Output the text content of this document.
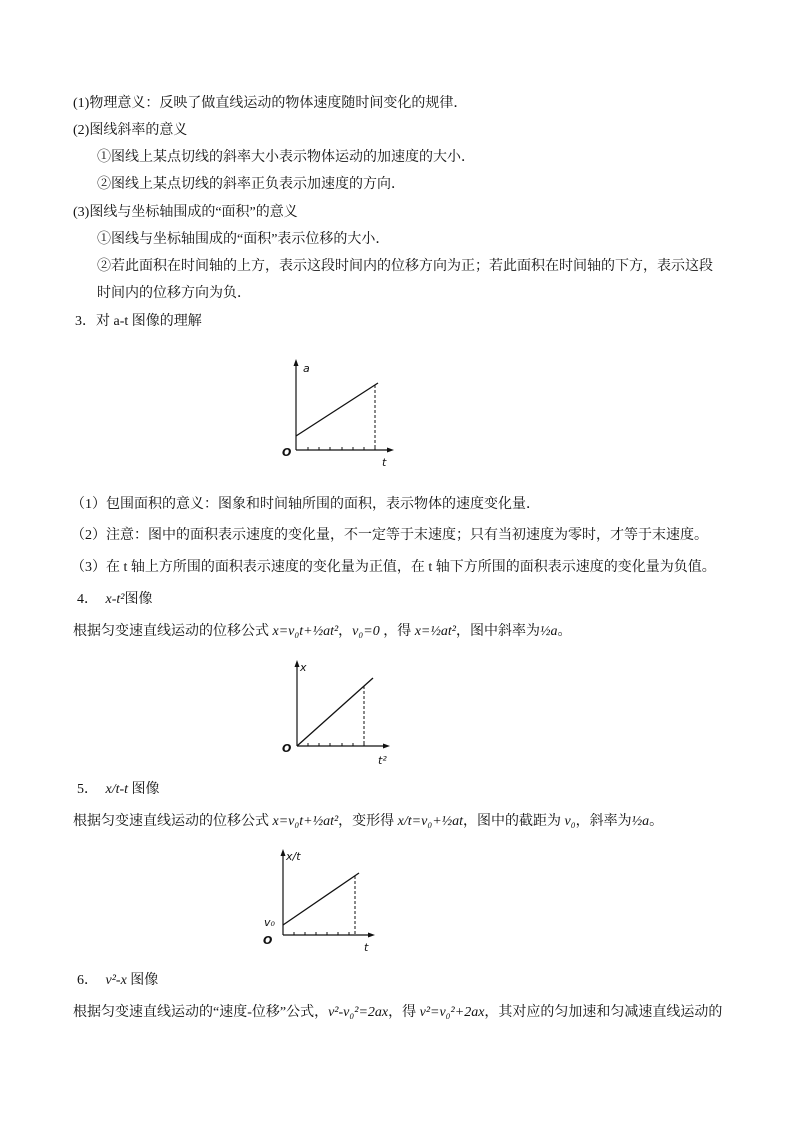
(1)物理意义：反映了做直线运动的物体速度随时间变化的规律．
(2)图线斜率的意义
①图线上某点切线的斜率大小表示物体运动的加速度的大小．
②图线上某点切线的斜率正负表示加速度的方向．
(3)图线与坐标轴围成的“面积”的意义
①图线与坐标轴围成的“面积”表示位移的大小．
②若此面积在时间轴的上方，表示这段时间内的位移方向为正；若此面积在时间轴的下方，表示这段
时间内的位移方向为负．
3．对 a-t 图像的理解
a
t
O
（1）包围面积的意义：图象和时间轴所围的面积，表示物体的速度变化量．
（2）注意：图中的面积表示速度的变化量，不一定等于末速度；只有当初速度为零时，才等于末速度。
（3）在 t 轴上方所围的面积表示速度的变化量为正值，在 t 轴下方所围的面积表示速度的变化量为负值。
4． x-t²图像
根据匀变速直线运动的位移公式 x=v₀t+½at²，v₀=0 ，得 x=½at²，图中斜率为½a。
x
t²
O
5． x/t-t 图像
根据匀变速直线运动的位移公式 x=v₀t+½at²，变形得 x/t=v₀+½at，图中的截距为 v₀，斜率为½a。
x/t
v₀
O
t
6． v²-x 图像
根据匀变速直线运动的“速度-位移”公式，v²-v₀²=2ax，得 v²=v₀²+2ax，其对应的匀加速和匀减速直线运动的
